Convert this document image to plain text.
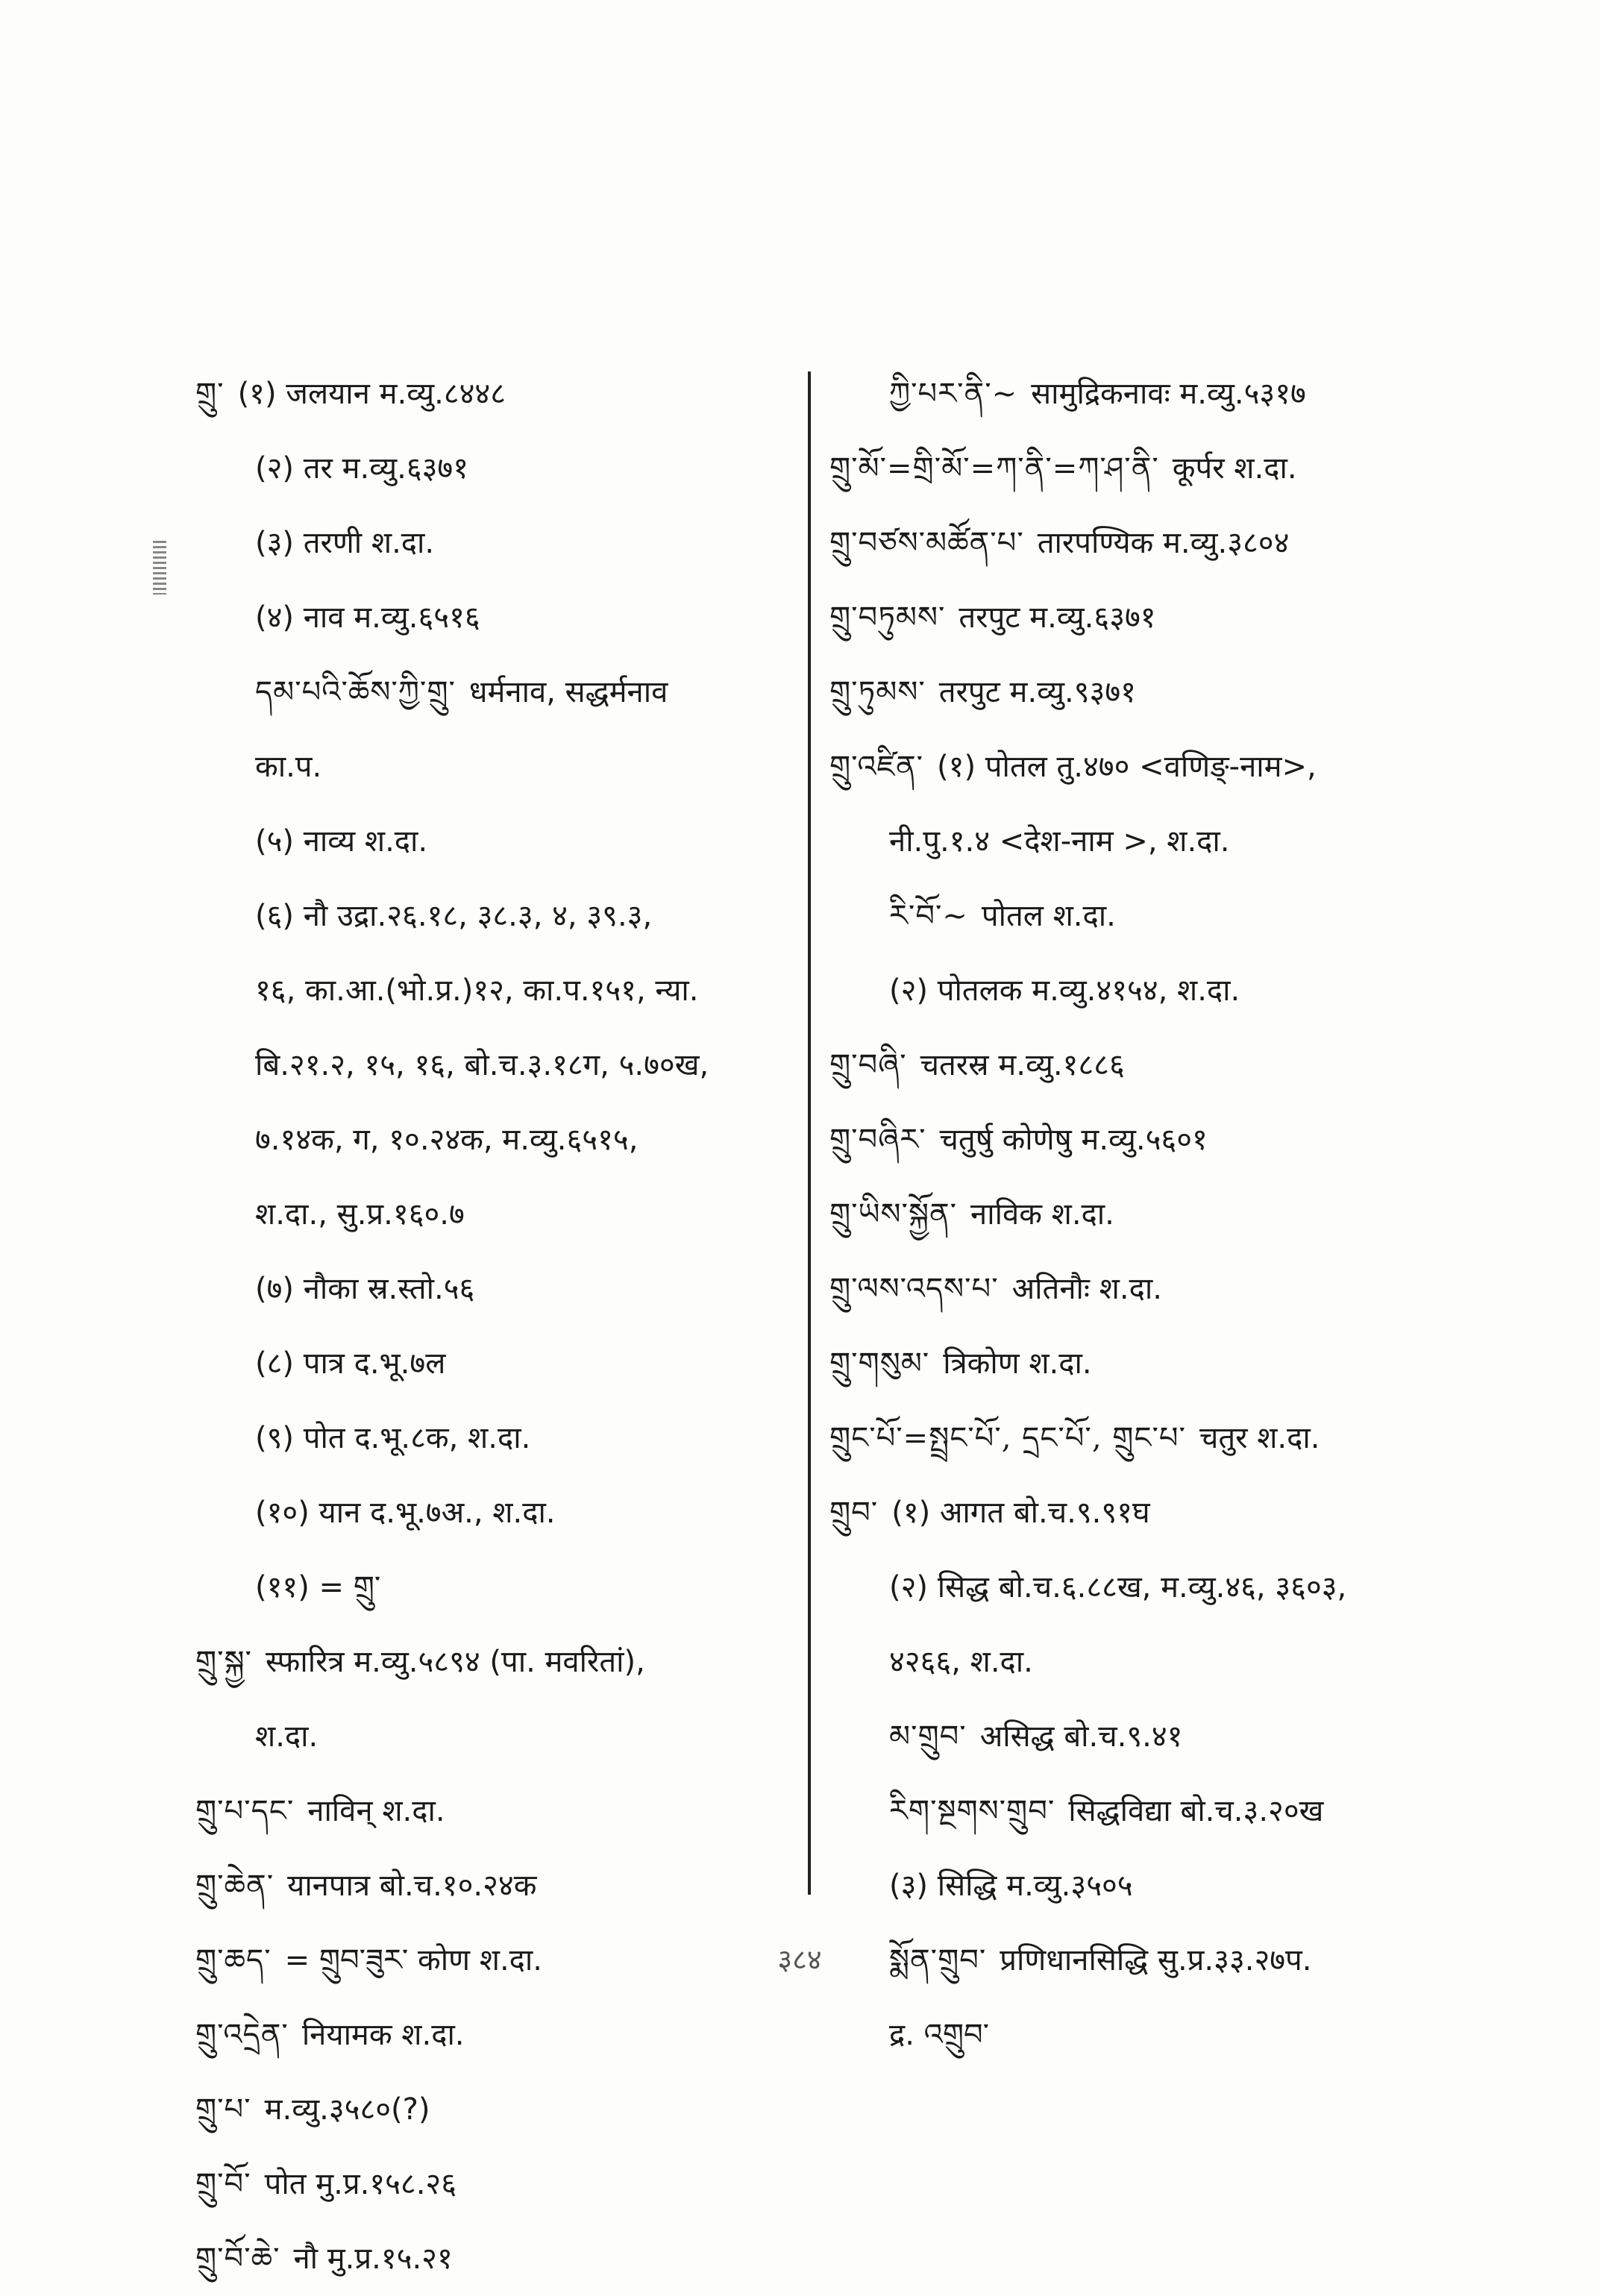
གྲུ་ (१) जलयान म.व्यु.८४४८
(२) तर म.व्यु.६३७१
(३) तरणी श.दा.
(४) नाव म.व्यु.६५१६
དམ་པའི་ཆོས་ཀྱི་གྲུ་ धर्मनाव, सद्धर्मनाव
का.प.
(५) नाव्य श.दा.
(६) नौ उद्रा.२६.१८, ३८.३, ४, ३९.३,
१६, का.आ.(भो.प्र.)१२, का.प.१५१, न्या.
बि.२१.२, १५, १६, बो.च.३.१८ग, ५.७०ख,
७.१४क, ग, १०.२४क, म.व्यु.६५१५,
श.दा., सु.प्र.१६०.७
(७) नौका स्र.स्तो.५६
(८) पात्र द.भू.७ल
(९) पोत द.भू.८क, श.दा.
(१०) यान द.भू.७अ., श.दा.
(११) = གྲུ་
གྲུ་སྐྱ་ स्फारित्र म.व्यु.५८९४ (पा. मवरितां),
श.दा.
གྲུ་པ་དང་ नाविन् श.दा.
གྲུ་ཆེན་ यानपात्र बो.च.१०.२४क
གྲུ་ཆད་ = གྲུབ་ཟུར་ कोण श.दा.
གྲུ་འདྲེན་ नियामक श.दा.
གྲུ་པ་ म.व्यु.३५८०(?)
གྲུ་བོ་ पोत मु.प्र.१५८.२६
གྲུ་བོ་ཆེ་ नौ मु.प्र.१५.२१
ཀྱི་པར་ནི་~ सामुद्रिकनावः म.व्यु.५३१७
གྲུ་མོ་=གྲི་མོ་=ཀ་ནི་=ཀ་ཤ་ནི་ कूर्पर श.दा.
གྲུ་བཙས་མཚོན་པ་ तारपण्यिक म.व्यु.३८०४
གྲུ་བཏུམས་ तरपुट म.व्यु.६३७१
གྲུ་ཏུམས་ तरपुट म.व्यु.९३७१
གྲུ་འཛིན་ (१) पोतल तु.४७० <वणिङ्-नाम>,
नी.पु.१.४ <देश-नाम >, श.दा.
རི་བོ་~ पोतल श.दा.
(२) पोतलक म.व्यु.४१५४, श.दा.
གྲུ་བཞི་ चतरस्र म.व्यु.१८८६
གྲུ་བཞིར་ चतुर्षु कोणेषु म.व्यु.५६०१
གྲུ་ཡིས་སྐྱོན་ नाविक श.दा.
གྲུ་ལས་འདས་པ་ अतिनौः श.दा.
གྲུ་གསུམ་ त्रिकोण श.दा.
གྲུང་པོ་=སྤྲང་པོ་, དྲང་པོ་, གྲུང་པ་ चतुर श.दा.
གྲུབ་ (१) आगत बो.च.९.९१घ
(२) सिद्ध बो.च.६.८८ख, म.व्यु.४६, ३६०३,
४२६६, श.दा.
མ་གྲུབ་ असिद्ध बो.च.९.४१
རིག་སྔགས་གྲུབ་ सिद्धविद्या बो.च.३.२०ख
(३) सिद्धि म.व्यु.३५०५
སྨོན་གྲུབ་ प्रणिधानसिद्धि सु.प्र.३३.२७प.
द्र. འགྲུབ་
३८४
